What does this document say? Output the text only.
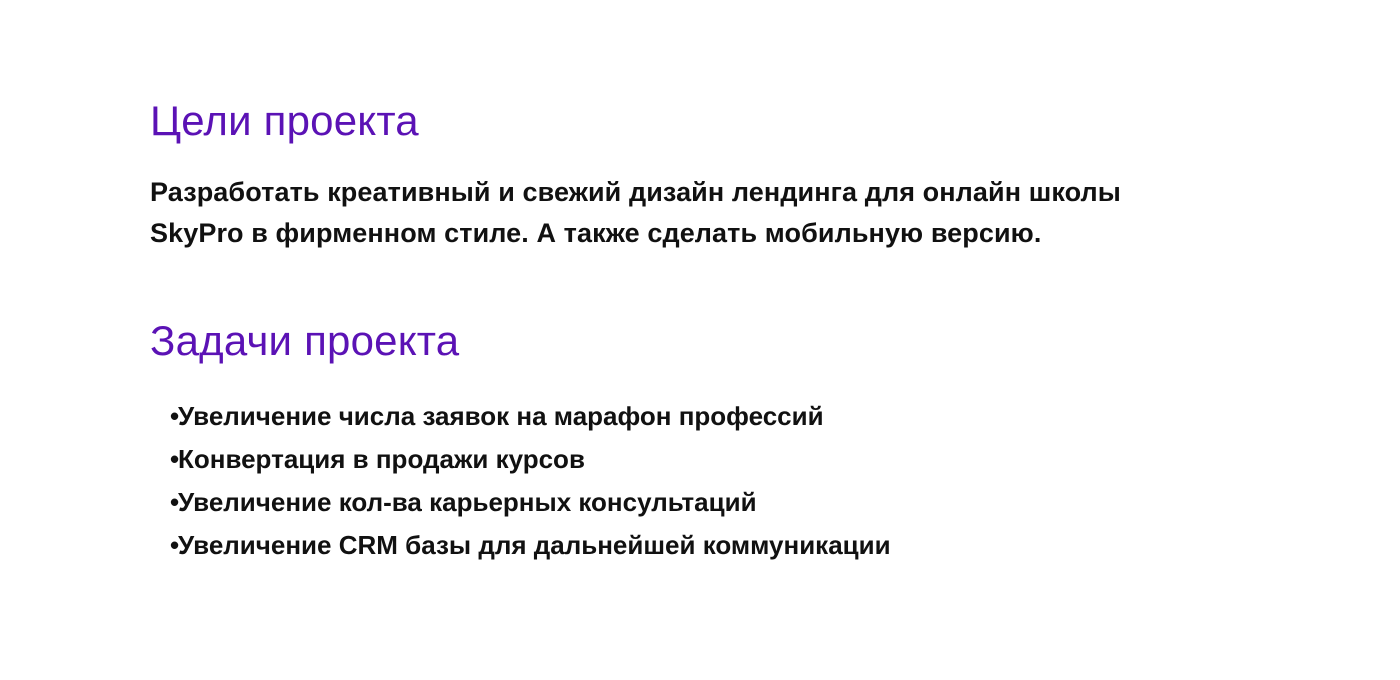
Цели проекта

Разработать креативный и свежий дизайн лендинга для онлайн школы SkyPro в фирменном стиле. А также сделать мобильную версию.

Задачи проекта
•
Увеличение числа заявок на марафон профессий
•
Конвертация в продажи курсов
•
Увеличение кол-ва карьерных консультаций
•
Увеличение CRM базы для дальнейшей коммуникации
